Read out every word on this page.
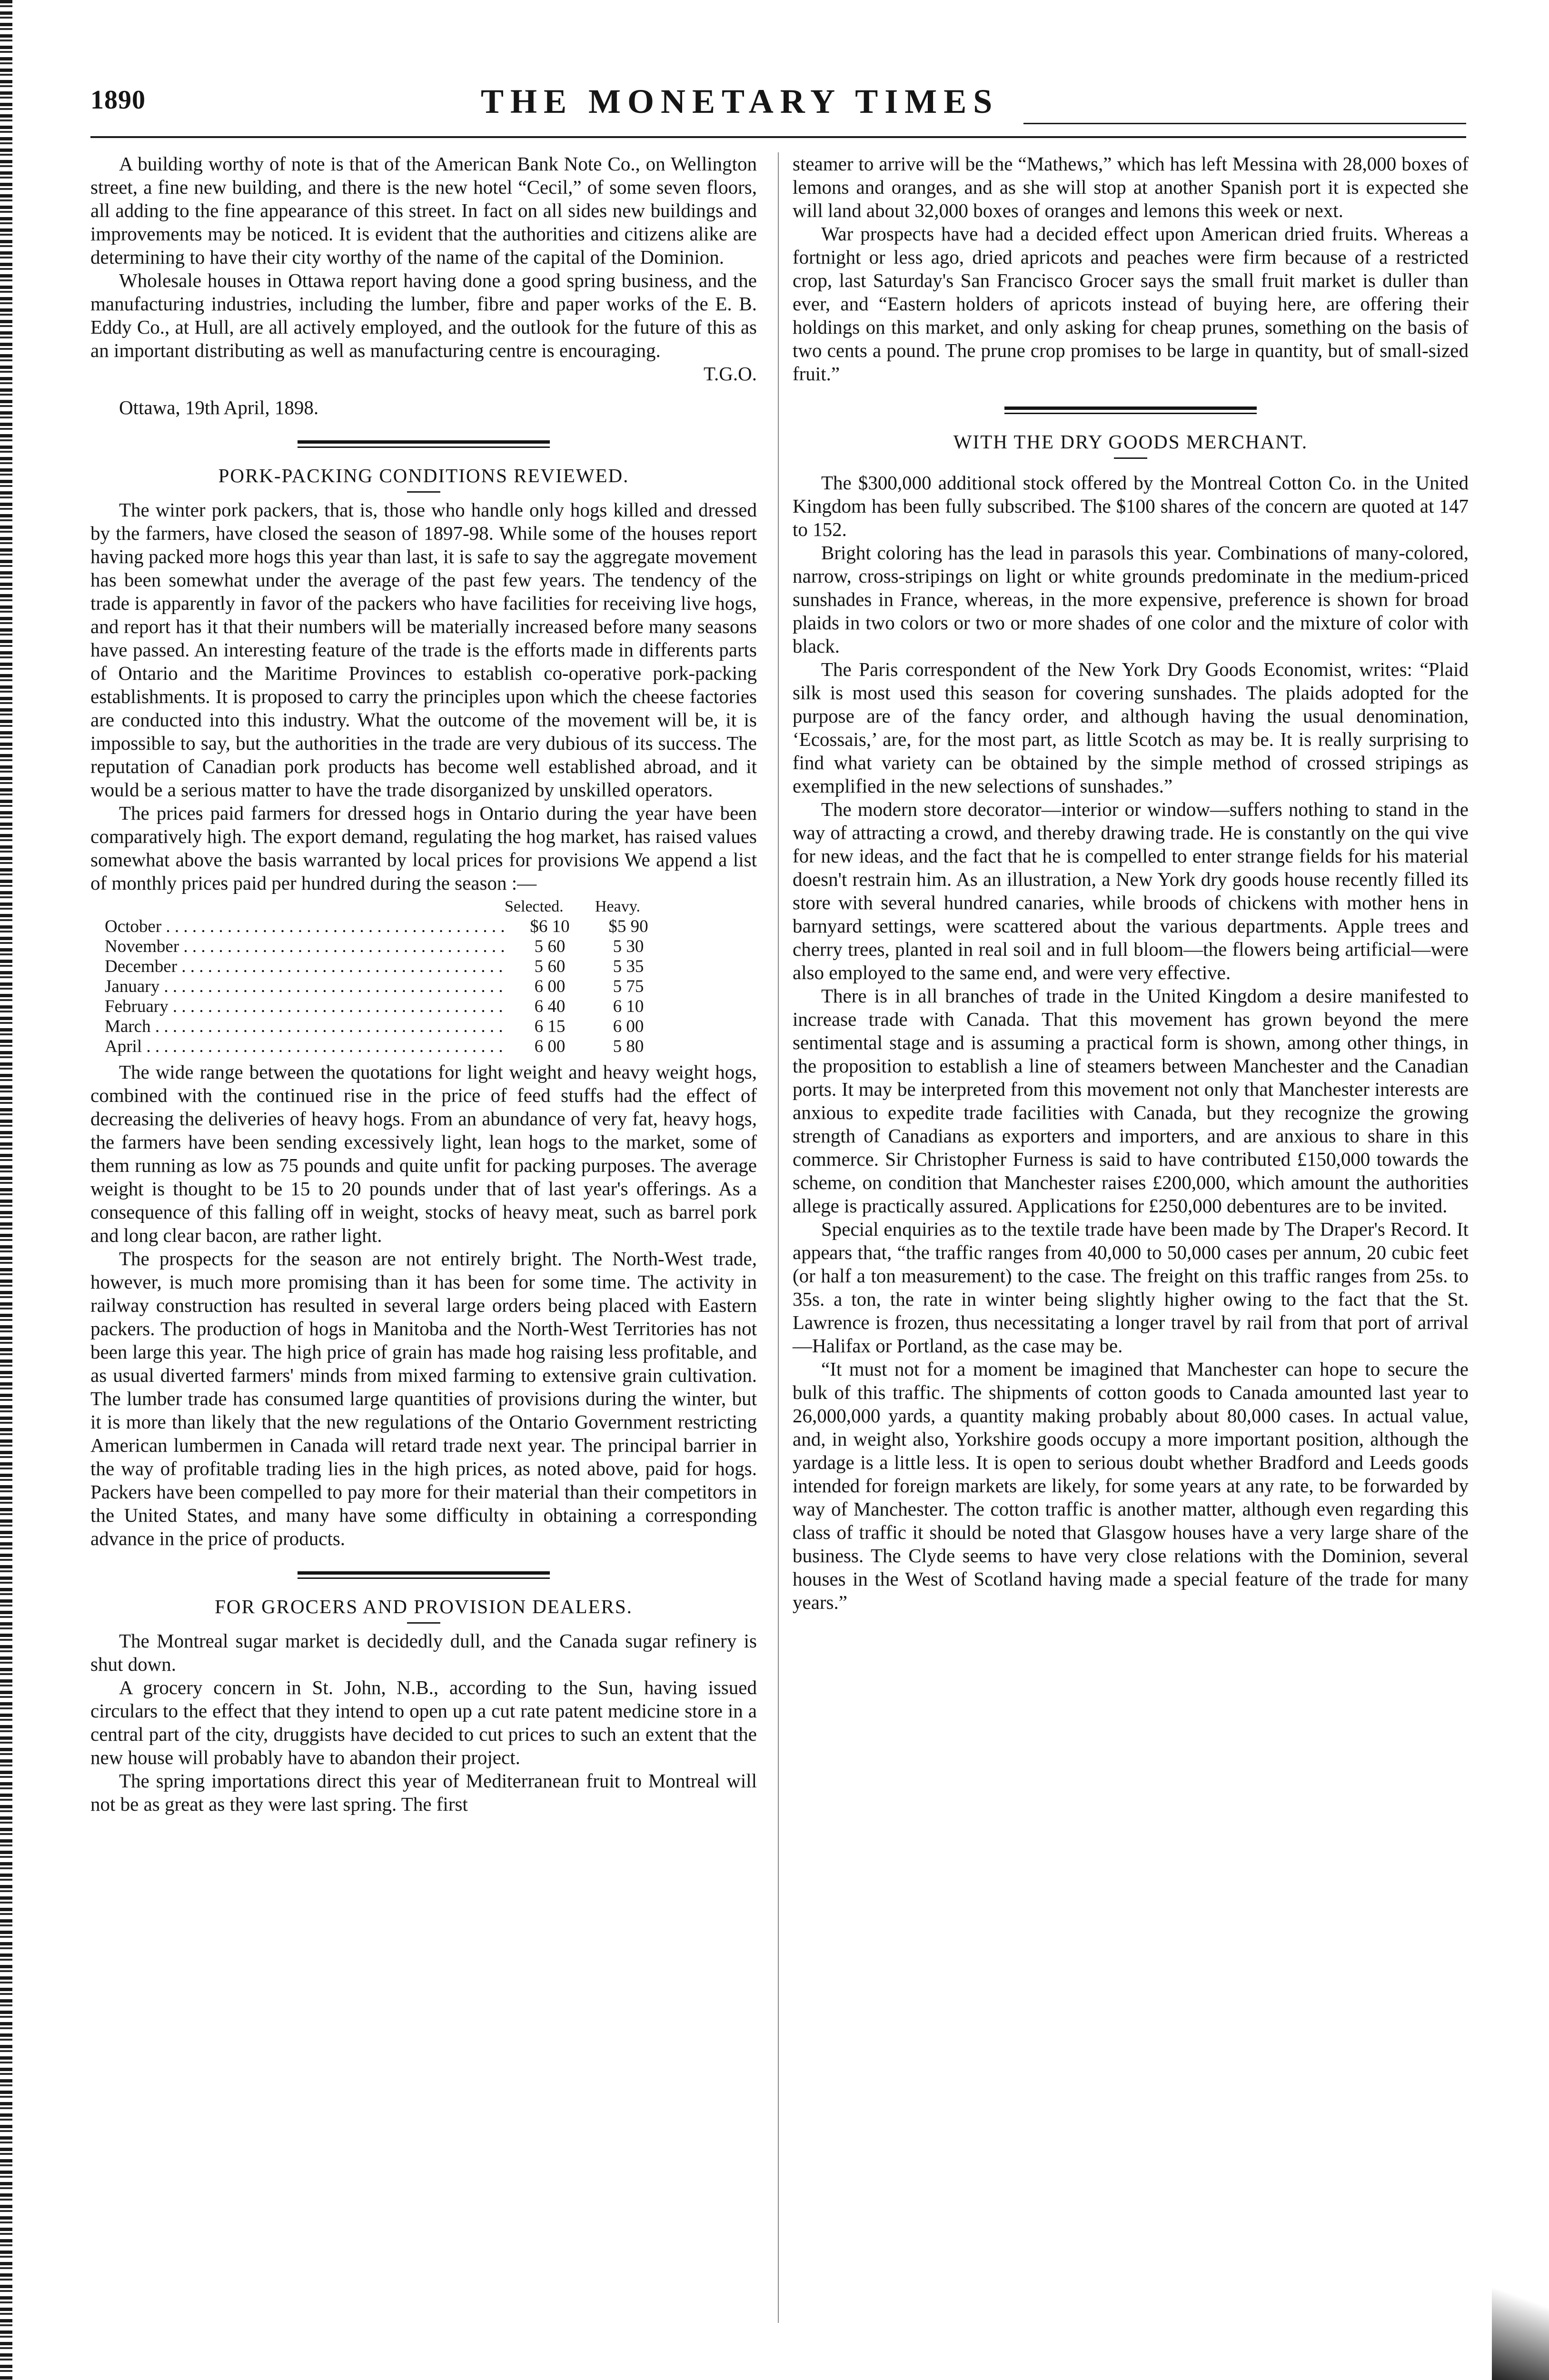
1890	THE MONETARY TIMES

A building worthy of note is that of the American Bank Note Co., on Wellington street, a fine new building, and there is the new hotel “Cecil,” of some seven floors, all adding to the fine appearance of this street. In fact on all sides new buildings and improvements may be noticed. It is evident that the authorities and citizens alike are determining to have their city worthy of the name of the capital of the Dominion.

Wholesale houses in Ottawa report having done a good spring business, and the manufacturing industries, including the lumber, fibre and paper works of the E. B. Eddy Co., at Hull, are all actively employed, and the outlook for the future of this as an important distributing as well as manufacturing centre is encouraging.

T.G.O.

Ottawa, 19th April, 1898.

PORK-PACKING CONDITIONS REVIEWED.

The winter pork packers, that is, those who handle only hogs killed and dressed by the farmers, have closed the season of 1897-98. While some of the houses report having packed more hogs this year than last, it is safe to say the aggregate movement has been somewhat under the average of the past few years. The tendency of the trade is apparently in favor of the packers who have facilities for receiving live hogs, and report has it that their numbers will be materially increased before many seasons have passed. An interesting feature of the trade is the efforts made in differents parts of Ontario and the Maritime Provinces to establish co-operative pork-packing establishments. It is proposed to carry the principles upon which the cheese factories are conducted into this industry. What the outcome of the movement will be, it is impossible to say, but the authorities in the trade are very dubious of its success. The reputation of Canadian pork products has become well established abroad, and it would be a serious matter to have the trade disorganized by unskilled operators.

The prices paid farmers for dressed hogs in Ontario during the year have been comparatively high. The export demand, regulating the hog market, has raised values somewhat above the basis warranted by local prices for provisions We append a list of monthly prices paid per hundred during the season :—

Selected.	Heavy.
October . . .	$6 10	$5 90
November . . .	5 60	5 30
December . . .	5 60	5 35
January . . .	6 00	5 75
February . . .	6 40	6 10
March . . .	6 15	6 00
April . . .	6 00	5 80

The wide range between the quotations for light weight and heavy weight hogs, combined with the continued rise in the price of feed stuffs had the effect of decreasing the deliveries of heavy hogs. From an abundance of very fat, heavy hogs, the farmers have been sending excessively light, lean hogs to the market, some of them running as low as 75 pounds and quite unfit for packing purposes. The average weight is thought to be 15 to 20 pounds under that of last year's offerings. As a consequence of this falling off in weight, stocks of heavy meat, such as barrel pork and long clear bacon, are rather light.

The prospects for the season are not entirely bright. The North-West trade, however, is much more promising than it has been for some time. The activity in railway construction has resulted in several large orders being placed with Eastern packers. The production of hogs in Manitoba and the North-West Territories has not been large this year. The high price of grain has made hog raising less profitable, and as usual diverted farmers' minds from mixed farming to extensive grain cultivation. The lumber trade has consumed large quantities of provisions during the winter, but it is more than likely that the new regulations of the Ontario Government restricting American lumbermen in Canada will retard trade next year. The principal barrier in the way of profitable trading lies in the high prices, as noted above, paid for hogs. Packers have been compelled to pay more for their material than their competitors in the United States, and many have some difficulty in obtaining a corresponding advance in the price of products.

FOR GROCERS AND PROVISION DEALERS.

The Montreal sugar market is decidedly dull, and the Canada sugar refinery is shut down.

A grocery concern in St. John, N.B., according to the Sun, having issued circulars to the effect that they intend to open up a cut rate patent medicine store in a central part of the city, druggists have decided to cut prices to such an extent that the new house will probably have to abandon their project.

The spring importations direct this year of Mediterranean fruit to Montreal will not be as great as they were last spring. The first

steamer to arrive will be the “Mathews,” which has left Messina with 28,000 boxes of lemons and oranges, and as she will stop at another Spanish port it is expected she will land about 32,000 boxes of oranges and lemons this week or next.

War prospects have had a decided effect upon American dried fruits. Whereas a fortnight or less ago, dried apricots and peaches were firm because of a restricted crop, last Saturday's San Francisco Grocer says the small fruit market is duller than ever, and “Eastern holders of apricots instead of buying here, are offering their holdings on this market, and only asking for cheap prunes, something on the basis of two cents a pound. The prune crop promises to be large in quantity, but of small-sized fruit.”

WITH THE DRY GOODS MERCHANT.

The $300,000 additional stock offered by the Montreal Cotton Co. in the United Kingdom has been fully subscribed. The $100 shares of the concern are quoted at 147 to 152.

Bright coloring has the lead in parasols this year. Combinations of many-colored, narrow, cross-stripings on light or white grounds predominate in the medium-priced sunshades in France, whereas, in the more expensive, preference is shown for broad plaids in two colors or two or more shades of one color and the mixture of color with black.

The Paris correspondent of the New York Dry Goods Economist, writes: “Plaid silk is most used this season for covering sunshades. The plaids adopted for the purpose are of the fancy order, and although having the usual denomination, ‘Ecossais,’ are, for the most part, as little Scotch as may be. It is really surprising to find what variety can be obtained by the simple method of crossed stripings as exemplified in the new selections of sunshades.”

The modern store decorator—interior or window—suffers nothing to stand in the way of attracting a crowd, and thereby drawing trade. He is constantly on the qui vive for new ideas, and the fact that he is compelled to enter strange fields for his material doesn't restrain him. As an illustration, a New York dry goods house recently filled its store with several hundred canaries, while broods of chickens with mother hens in barnyard settings, were scattered about the various departments. Apple trees and cherry trees, planted in real soil and in full bloom—the flowers being artificial—were also employed to the same end, and were very effective.

There is in all branches of trade in the United Kingdom a desire manifested to increase trade with Canada. That this movement has grown beyond the mere sentimental stage and is assuming a practical form is shown, among other things, in the proposition to establish a line of steamers between Manchester and the Canadian ports. It may be interpreted from this movement not only that Manchester interests are anxious to expedite trade facilities with Canada, but they recognize the growing strength of Canadians as exporters and importers, and are anxious to share in this commerce. Sir Christopher Furness is said to have contributed £150,000 towards the scheme, on condition that Manchester raises £200,000, which amount the authorities allege is practically assured. Applications for £250,000 debentures are to be invited.

Special enquiries as to the textile trade have been made by The Draper's Record. It appears that, “the traffic ranges from 40,000 to 50,000 cases per annum, 20 cubic feet (or half a ton measurement) to the case. The freight on this traffic ranges from 25s. to 35s. a ton, the rate in winter being slightly higher owing to the fact that the St. Lawrence is frozen, thus necessitating a longer travel by rail from that port of arrival—Halifax or Portland, as the case may be.

“It must not for a moment be imagined that Manchester can hope to secure the bulk of this traffic. The shipments of cotton goods to Canada amounted last year to 26,000,000 yards, a quantity making probably about 80,000 cases. In actual value, and, in weight also, Yorkshire goods occupy a more important position, although the yardage is a little less. It is open to serious doubt whether Bradford and Leeds goods intended for foreign markets are likely, for some years at any rate, to be forwarded by way of Manchester. The cotton traffic is another matter, although even regarding this class of traffic it should be noted that Glasgow houses have a very large share of the business. The Clyde seems to have very close relations with the Dominion, several houses in the West of Scotland having made a special feature of the trade for many years.”
